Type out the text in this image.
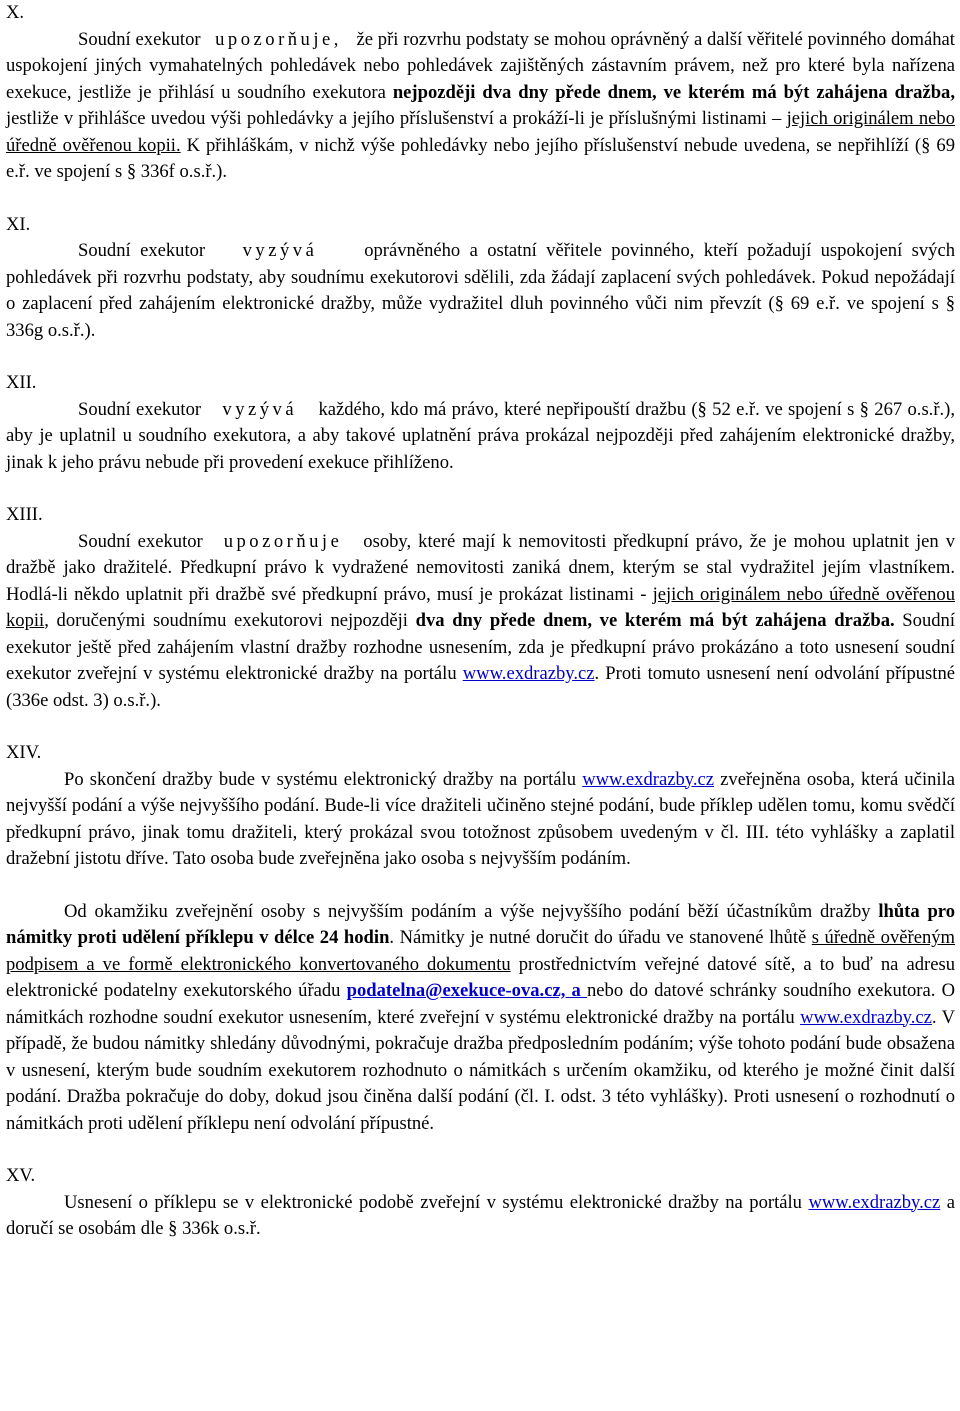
X.

Soudní exekutor upozorňuje, že při rozvrhu podstaty se mohou oprávněný a další věřitelé povinného domáhat uspokojení jiných vymahatelných pohledávek nebo pohledávek zajištěných zástavním právem, než pro které byla nařízena exekuce, jestliže je přihlásí u soudního exekutora nejpozději dva dny přede dnem, ve kterém má být zahájena dražba, jestliže v přihlášce uvedou výši pohledávky a jejího příslušenství a prokáží-li je příslušnými listinami – jejich originálem nebo úředně ověřenou kopii. K přihláškám, v nichž výše pohledávky nebo jejího příslušenství nebude uvedena, se nepřihlíží (§ 69 e.ř. ve spojení s § 336f o.s.ř.).

XI.

Soudní exekutor vyzývá	oprávněného a ostatní věřitele povinného, kteří požadují uspokojení svých pohledávek při rozvrhu podstaty, aby soudnímu exekutorovi sdělili, zda žádají zaplacení svých pohledávek. Pokud nepožádají o zaplacení před zahájením elektronické dražby, může vydražitel dluh povinného vůči nim převzít (§ 69 e.ř. ve spojení s § 336g o.s.ř.).

XII.

Soudní exekutor vyzývá každého, kdo má právo, které nepřipouští dražbu (§ 52 e.ř. ve spojení s § 267 o.s.ř.), aby je uplatnil u soudního exekutora, a aby takové uplatnění práva prokázal nejpozději před zahájením elektronické dražby, jinak k jeho právu nebude při provedení exekuce přihlíženo.

XIII.

Soudní exekutor upozorňuje osoby, které mají k nemovitosti předkupní právo, že je mohou uplatnit jen v dražbě jako dražitelé. Předkupní právo k vydražené nemovitosti zaniká dnem, kterým se stal vydražitel jejím vlastníkem. Hodlá-li někdo uplatnit při dražbě své předkupní právo, musí je prokázat listinami - jejich originálem nebo úředně ověřenou kopii, doručenými soudnímu exekutorovi nejpozději dva dny přede dnem, ve kterém má být zahájena dražba. Soudní exekutor ještě před zahájením vlastní dražby rozhodne usnesením, zda je předkupní právo prokázáno a toto usnesení soudní exekutor zveřejní v systému elektronické dražby na portálu www.exdrazby.cz. Proti tomuto usnesení není odvolání přípustné (336e odst. 3) o.s.ř.).

XIV.

Po skončení dražby bude v systému elektronický dražby na portálu www.exdrazby.cz zveřejněna osoba, která učinila nejvyšší podání a výše nejvyššího podání. Bude-li více dražiteli učiněno stejné podání, bude příklep udělen tomu, komu svědčí předkupní právo, jinak tomu dražiteli, který prokázal svou totožnost způsobem uvedeným v čl. III. této vyhlášky a zaplatil dražební jistotu dříve. Tato osoba bude zveřejněna jako osoba s nejvyšším podáním.

Od okamžiku zveřejnění osoby s nejvyšším podáním a výše nejvyššího podání běží účastníkům dražby lhůta pro námitky proti udělení příklepu v délce 24 hodin. Námitky je nutné doručit do úřadu ve stanovené lhůtě s úředně ověřeným podpisem a ve formě elektronického konvertovaného dokumentu prostřednictvím veřejné datové sítě, a to buď na adresu elektronické podatelny exekutorského úřadu podatelna@exekuce-ova.cz, a nebo do datové schránky soudního exekutora. O námitkách rozhodne soudní exekutor usnesením, které zveřejní v systému elektronické dražby na portálu www.exdrazby.cz. V případě, že budou námitky shledány důvodnými, pokračuje dražba předposledním podáním; výše tohoto podání bude obsažena v usnesení, kterým bude soudním exekutorem rozhodnuto o námitkách s určením okamžiku, od kterého je možné činit další podání. Dražba pokračuje do doby, dokud jsou činěna další podání (čl. I. odst. 3 této vyhlášky). Proti usnesení o rozhodnutí o námitkách proti udělení příklepu není odvolání přípustné.

XV.

Usnesení o příklepu se v elektronické podobě zveřejní v systému elektronické dražby na portálu www.exdrazby.cz a doručí se osobám dle § 336k o.s.ř.
